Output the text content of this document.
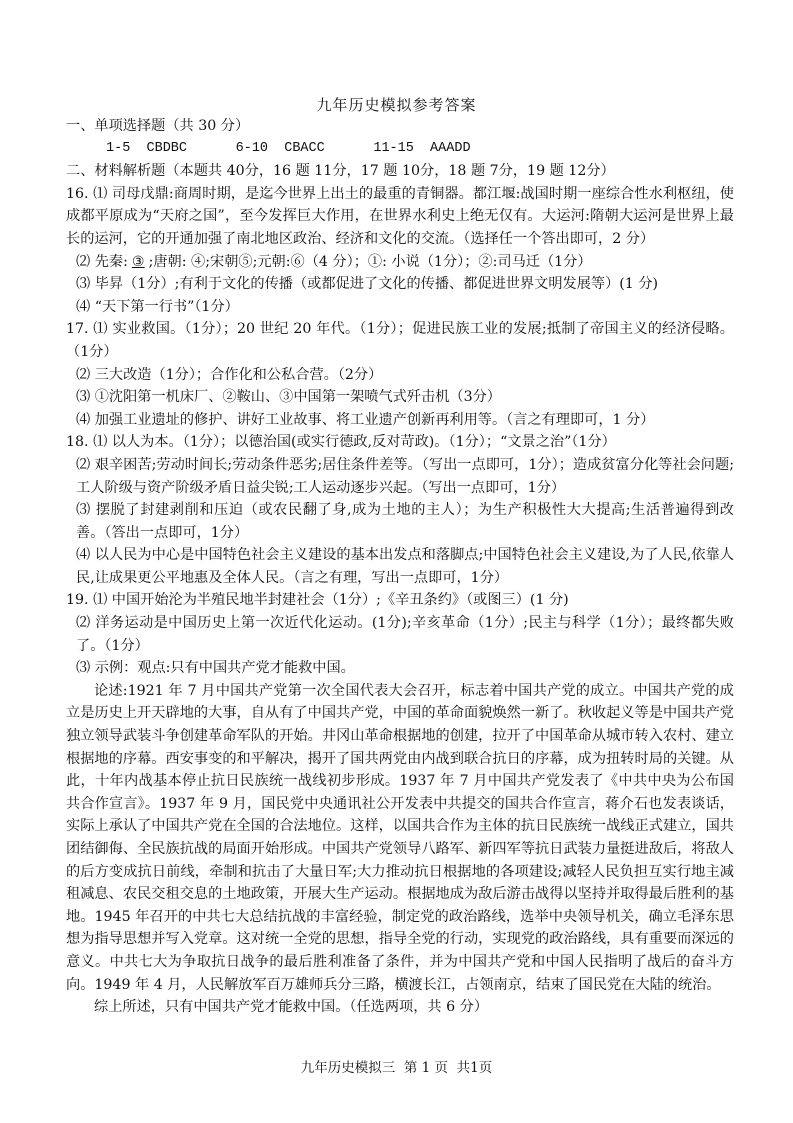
九年历史模拟参考答案

一、单项选择题（共 30 分）

1-5  CBDBC      6-10  CBACC      11-15  AAADD

二、材料解析题（本题共 40分，16 题 11分，17 题 10分，18 题 7分，19 题 12分）

16. ⑴ 司母戊鼎:商周时期，是迄今世界上出土的最重的青铜器。都江堰:战国时期一座综合性水利枢纽，使成都平原成为“天府之国”，至今发挥巨大作用，在世界水利史上绝无仅有。大运河:隋朝大运河是世界上最长的运河，它的开通加强了南北地区政治、经济和文化的交流。（选择任一个答出即可，2 分）

⑵ 先秦: ③ ;唐朝: ④;宋朝⑤;元朝:⑥（4 分）；①: 小说（1分）；②:司马迁（1分）

⑶ 毕昇（1分）;有利于文化的传播（或都促进了文化的传播、都促进世界文明发展等）(1 分)

⑷ “天下第一行书”（1分）

17. ⑴ 实业救国。（1分）；20 世纪 20 年代。（1分）；促进民族工业的发展;抵制了帝国主义的经济侵略。（1分）

⑵ 三大改造（1分）；合作化和公私合营。（2分）

⑶ ①沈阳第一机床厂、②鞍山、③中国第一架喷气式歼击机（3分）

⑷ 加强工业遗址的修护、讲好工业故事、将工业遗产创新再利用等。（言之有理即可，1 分）

18. ⑴ 以人为本。（1分）；以德治国(或实行德政,反对苛政)。（1分）；“文景之治”（1分）

⑵ 艰辛困苦;劳动时间长;劳动条件恶劣;居住条件差等。（写出一点即可，1分）；造成贫富分化等社会问题;工人阶级与资产阶级矛盾日益尖锐;工人运动逐步兴起。（写出一点即可，1分）

⑶ 摆脱了封建剥削和压迫（或农民翻了身,成为土地的主人）；为生产积极性大大提高;生活普遍得到改善。（答出一点即可，1分）

⑷ 以人民为中心是中国特色社会主义建设的基本出发点和落脚点;中国特色社会主义建设,为了人民,依靠人民,让成果更公平地惠及全体人民。（言之有理，写出一点即可，1分）

19. ⑴ 中国开始沦为半殖民地半封建社会（1分）;《辛丑条约》（或图三）(1 分)

⑵ 洋务运动是中国历史上第一次近代化运动。(1分);辛亥革命（1分）;民主与科学（1分）；最终都失败了。（1分）

⑶ 示例：观点:只有中国共产党才能救中国。

论述:1921 年 7 月中国共产党第一次全国代表大会召开，标志着中国共产党的成立。中国共产党的成立是历史上开天辟地的大事，自从有了中国共产党，中国的革命面貌焕然一新了。秋收起义等是中国共产党独立领导武装斗争创建革命军队的开始。井冈山革命根据地的创建，拉开了中国革命从城市转入农村、建立根据地的序幕。西安事变的和平解决，揭开了国共两党由内战到联合抗日的序幕，成为扭转时局的关键。从此，十年内战基本停止抗日民族统一战线初步形成。1937 年 7 月中国共产党发表了《中共中央为公布国共合作宣言》。1937 年 9 月，国民党中央通讯社公开发表中共提交的国共合作宣言，蒋介石也发表谈话，实际上承认了中国共产党在全国的合法地位。这样，以国共合作为主体的抗日民族统一战线正式建立，国共团结御侮、全民族抗战的局面开始形成。中国共产党领导八路军、新四军等抗日武装力量挺进敌后，将敌人的后方变成抗日前线，牵制和抗击了大量日军;大力推动抗日根据地的各项建设;减轻人民负担互实行地主减租减息、农民交租交息的土地政策，开展大生产运动。根据地成为敌后游击战得以坚持并取得最后胜利的基地。1945 年召开的中共七大总结抗战的丰富经验，制定党的政治路线，选举中央领导机关，确立毛泽东思想为指导思想并写入党章。这对统一全党的思想，指导全党的行动，实现党的政治路线，具有重要而深远的意义。中共七大为争取抗日战争的最后胜利准备了条件，并为中国共产党和中国人民指明了战后的奋斗方向。1949 年 4 月，人民解放军百万雄师兵分三路，横渡长江，占领南京，结束了国民党在大陆的统治。

综上所述，只有中国共产党才能救中国。（任选两项，共 6 分）

九年历史模拟三  第 1 页  共1页
